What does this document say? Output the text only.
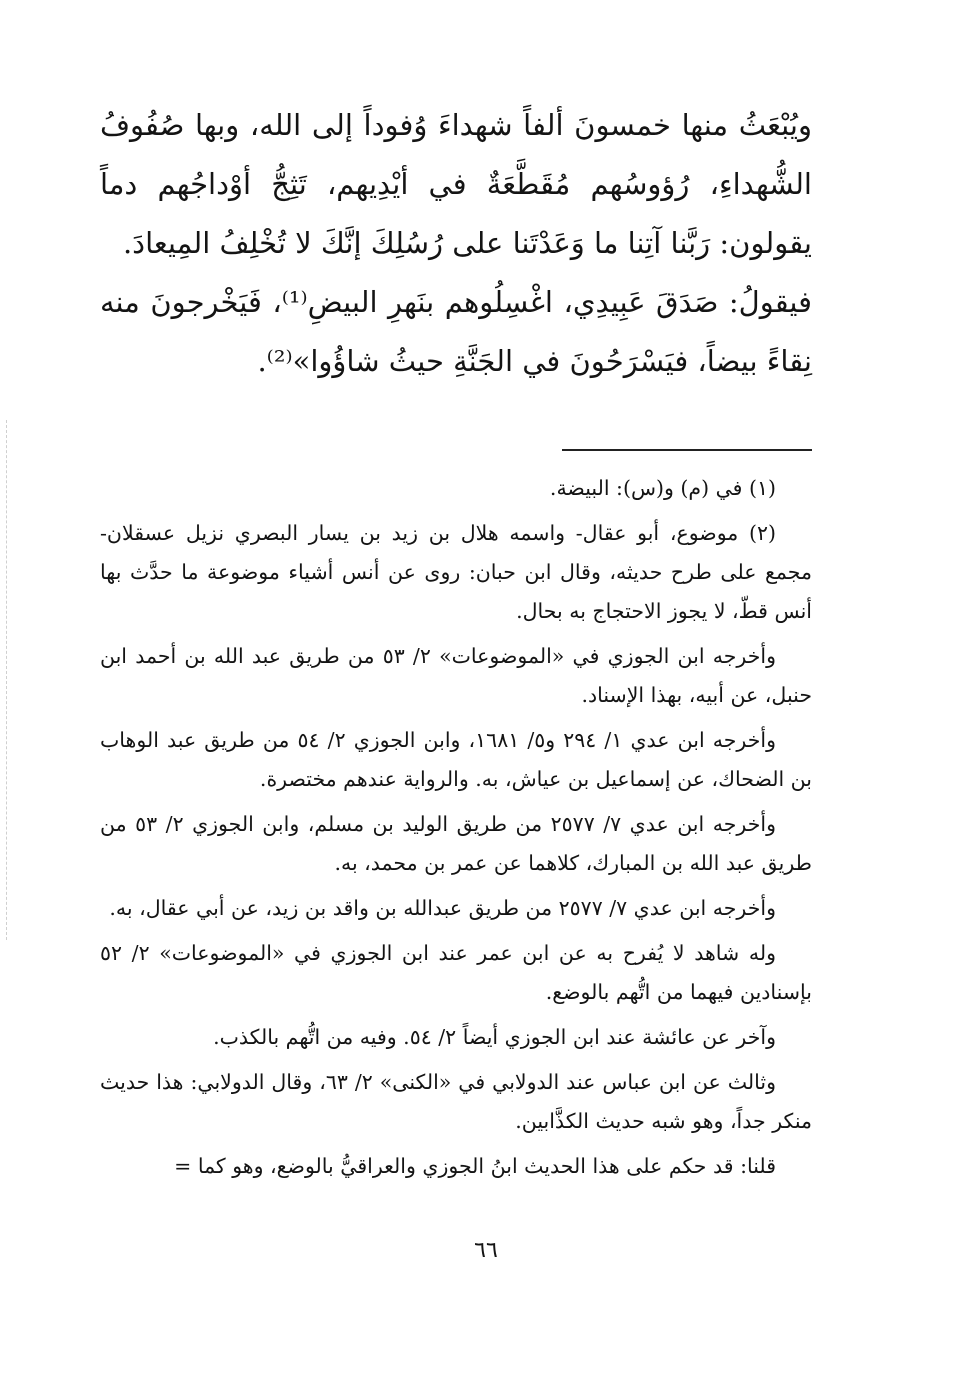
ويُبْعَثُ منها خمسونَ ألفاً شهداءَ وُفوداً إلى الله، وبها صُفُوفُ الشُّهداءِ، رُؤوسُهم مُقَطَّعَةٌ في أيْدِيهم، تَثِجُّ أوْداجُهم دماً يقولون: رَبَّنا آتِنا ما وَعَدْتَنا على رُسُلِكَ إنَّكَ لا تُخْلِفُ المِيعادَ.

فيقولُ: صَدَقَ عَبِيدِي، اغْسِلُوهم بنَهرِ البيضِ⁽¹⁾، فَيَخْرجونَ منه نِقاءً بيضاً، فيَسْرَحُونَ في الجَنَّةِ حيثُ شاؤُوا»⁽²⁾.

(١) في (م) و(س): البيضة.

(٢) موضوع، أبو عقال- واسمه هلال بن زيد بن يسار البصري نزيل عسقلان- مجمع على طرح حديثه، وقال ابن حبان: روى عن أنس أشياء موضوعة ما حدَّث بها أنس قطّ، لا يجوز الاحتجاج به بحال.

وأخرجه ابن الجوزي في «الموضوعات» ٢/ ٥٣ من طريق عبد الله بن أحمد ابن حنبل، عن أبيه، بهذا الإسناد.

وأخرجه ابن عدي ١/ ٢٩٤ و٥/ ١٦٨١، وابن الجوزي ٢/ ٥٤ من طريق عبد الوهاب بن الضحاك، عن إسماعيل بن عياش، به. والرواية عندهم مختصرة.

وأخرجه ابن عدي ٧/ ٢٥٧٧ من طريق الوليد بن مسلم، وابن الجوزي ٢/ ٥٣ من طريق عبد الله بن المبارك، كلاهما عن عمر بن محمد، به.

وأخرجه ابن عدي ٧/ ٢٥٧٧ من طريق عبدالله بن واقد بن زيد، عن أبي عقال، به.

وله شاهد لا يُفرح به عن ابن عمر عند ابن الجوزي في «الموضوعات» ٢/ ٥٢ بإسنادين فيهما من اتُّهم بالوضع.

وآخر عن عائشة عند ابن الجوزي أيضاً ٢/ ٥٤. وفيه من اتُّهم بالكذب.

وثالث عن ابن عباس عند الدولابي في «الكنى» ٢/ ٦٣، وقال الدولابي: هذا حديث منكر جداً، وهو شبه حديث الكذَّابين.

قلنا: قد حكم على هذا الحديث ابنُ الجوزي والعراقيُّ بالوضع، وهو كما =

٦٦
